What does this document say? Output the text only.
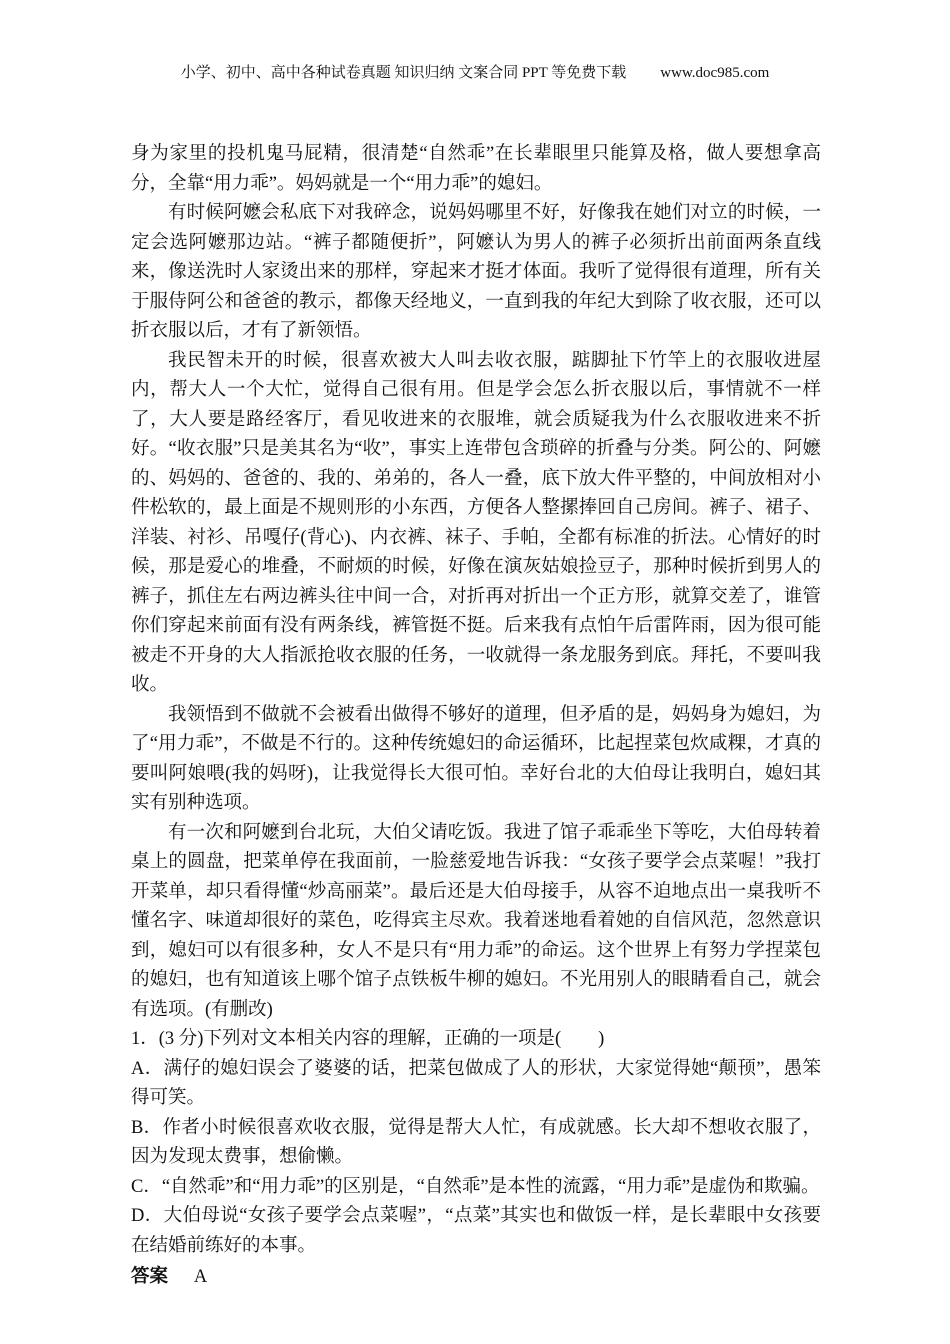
小学、初中、高中各种试卷真题 知识归纳 文案合同 PPT 等免费下载 www.doc985.com

身为家里的投机鬼马屁精，很清楚“自然乖”在长辈眼里只能算及格，做人要想拿高分，全靠“用力乖”。妈妈就是一个“用力乖”的媳妇。

有时候阿嬷会私底下对我碎念，说妈妈哪里不好，好像我在她们对立的时候，一定会选阿嬷那边站。“裤子都随便折”，阿嬷认为男人的裤子必须折出前面两条直线来，像送洗时人家烫出来的那样，穿起来才挺才体面。我听了觉得很有道理，所有关于服侍阿公和爸爸的教示，都像天经地义，一直到我的年纪大到除了收衣服，还可以折衣服以后，才有了新领悟。

我民智未开的时候，很喜欢被大人叫去收衣服，踮脚扯下竹竿上的衣服收进屋内，帮大人一个大忙，觉得自己很有用。但是学会怎么折衣服以后，事情就不一样了，大人要是路经客厅，看见收进来的衣服堆，就会质疑我为什么衣服收进来不折好。“收衣服”只是美其名为“收”，事实上连带包含琐碎的折叠与分类。阿公的、阿嬷的、妈妈的、爸爸的、我的、弟弟的，各人一叠，底下放大件平整的，中间放相对小件松软的，最上面是不规则形的小东西，方便各人整摞捧回自己房间。裤子、裙子、洋装、衬衫、吊嘎仔(背心)、内衣裤、袜子、手帕，全都有标准的折法。心情好的时候，那是爱心的堆叠，不耐烦的时候，好像在演灰姑娘捡豆子，那种时候折到男人的裤子，抓住左右两边裤头往中间一合，对折再对折出一个正方形，就算交差了，谁管你们穿起来前面有没有两条线，裤管挺不挺。后来我有点怕午后雷阵雨，因为很可能被走不开身的大人指派抢收衣服的任务，一收就得一条龙服务到底。拜托，不要叫我收。

我领悟到不做就不会被看出做得不够好的道理，但矛盾的是，妈妈身为媳妇，为了“用力乖”，不做是不行的。这种传统媳妇的命运循环，比起捏菜包炊咸粿，才真的要叫阿娘喂(我的妈呀)，让我觉得长大很可怕。幸好台北的大伯母让我明白，媳妇其实有别种选项。

有一次和阿嬷到台北玩，大伯父请吃饭。我进了馆子乖乖坐下等吃，大伯母转着桌上的圆盘，把菜单停在我面前，一脸慈爱地告诉我：“女孩子要学会点菜喔！”我打开菜单，却只看得懂“炒高丽菜”。最后还是大伯母接手，从容不迫地点出一桌我听不懂名字、味道却很好的菜色，吃得宾主尽欢。我着迷地看着她的自信风范，忽然意识到，媳妇可以有很多种，女人不是只有“用力乖”的命运。这个世界上有努力学捏菜包的媳妇，也有知道该上哪个馆子点铁板牛柳的媳妇。不光用别人的眼睛看自己，就会有选项。(有删改)

1．(3 分)下列对文本相关内容的理解，正确的一项是(　　)

A．满仔的媳妇误会了婆婆的话，把菜包做成了人的形状，大家觉得她“颠顸”，愚笨得可笑。

B．作者小时候很喜欢收衣服，觉得是帮大人忙，有成就感。长大却不想收衣服了，因为发现太费事，想偷懒。

C．“自然乖”和“用力乖”的区别是，“自然乖”是本性的流露，“用力乖”是虚伪和欺骗。

D．大伯母说“女孩子要学会点菜喔”，“点菜”其实也和做饭一样，是长辈眼中女孩要在结婚前练好的本事。

答案 A
